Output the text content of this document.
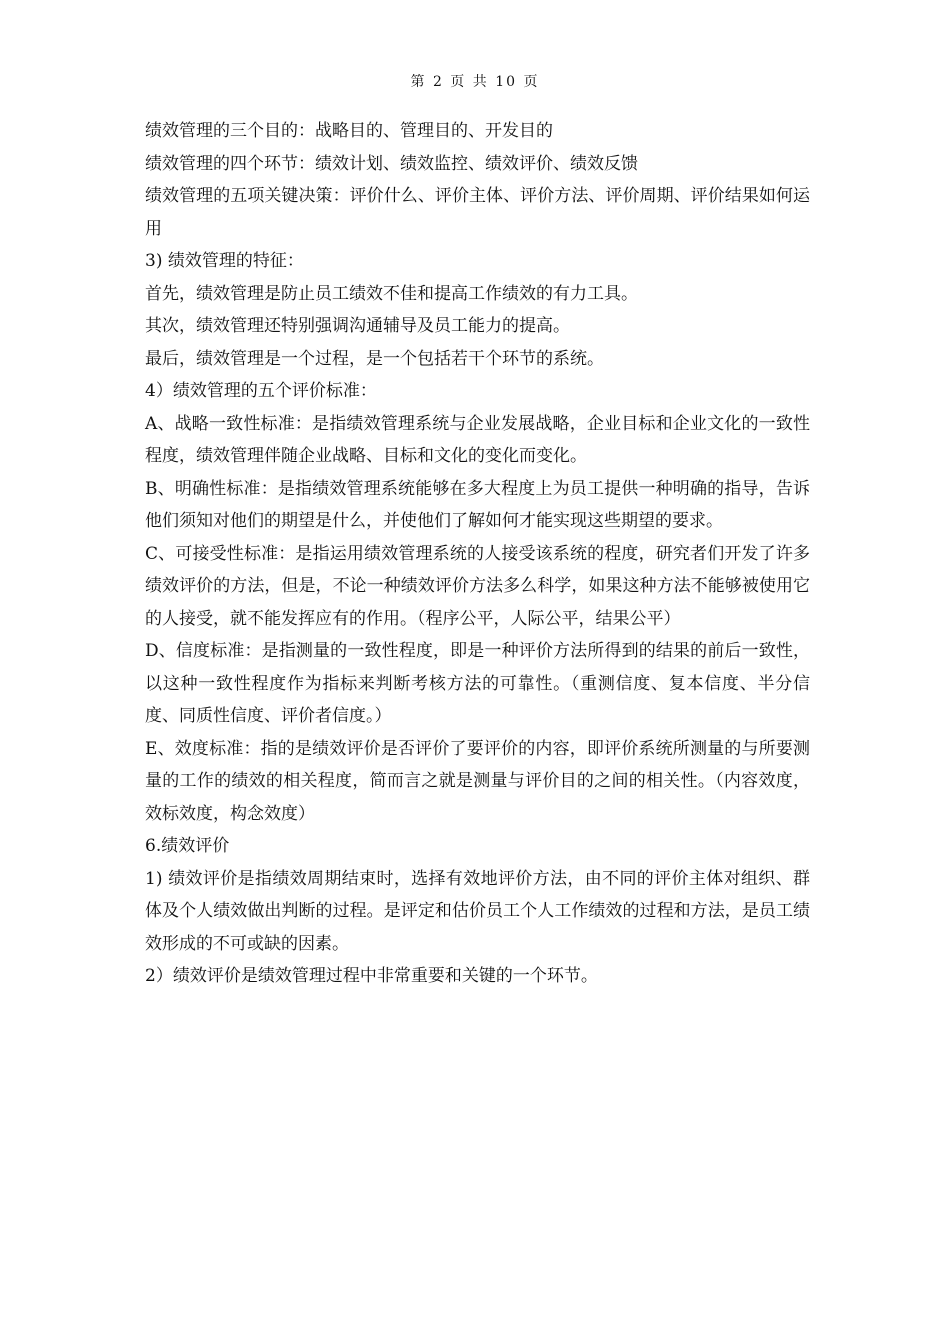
第 2 页 共 10 页

绩效管理的三个目的：战略目的、管理目的、开发目的

绩效管理的四个环节：绩效计划、绩效监控、绩效评价、绩效反馈

绩效管理的五项关键决策：评价什么、评价主体、评价方法、评价周期、评价结果如何运用

3) 绩效管理的特征：

首先，绩效管理是防止员工绩效不佳和提高工作绩效的有力工具。

其次，绩效管理还特别强调沟通辅导及员工能力的提高。

最后，绩效管理是一个过程，是一个包括若干个环节的系统。

4）绩效管理的五个评价标准：

A、战略一致性标准：是指绩效管理系统与企业发展战略，企业目标和企业文化的一致性程度，绩效管理伴随企业战略、目标和文化的变化而变化。

B、明确性标准：是指绩效管理系统能够在多大程度上为员工提供一种明确的指导，告诉他们须知对他们的期望是什么，并使他们了解如何才能实现这些期望的要求。

C、可接受性标准：是指运用绩效管理系统的人接受该系统的程度，研究者们开发了许多绩效评价的方法，但是，不论一种绩效评价方法多么科学，如果这种方法不能够被使用它的人接受，就不能发挥应有的作用。（程序公平，人际公平，结果公平）

D、信度标准：是指测量的一致性程度，即是一种评价方法所得到的结果的前后一致性，以这种一致性程度作为指标来判断考核方法的可靠性。（重测信度、复本信度、半分信度、同质性信度、评价者信度。）

E、效度标准：指的是绩效评价是否评价了要评价的内容，即评价系统所测量的与所要测量的工作的绩效的相关程度，简而言之就是测量与评价目的之间的相关性。（内容效度，效标效度，构念效度）

6.绩效评价

1) 绩效评价是指绩效周期结束时，选择有效地评价方法，由不同的评价主体对组织、群体及个人绩效做出判断的过程。是评定和估价员工个人工作绩效的过程和方法，是员工绩效形成的不可或缺的因素。

2）绩效评价是绩效管理过程中非常重要和关键的一个环节。
